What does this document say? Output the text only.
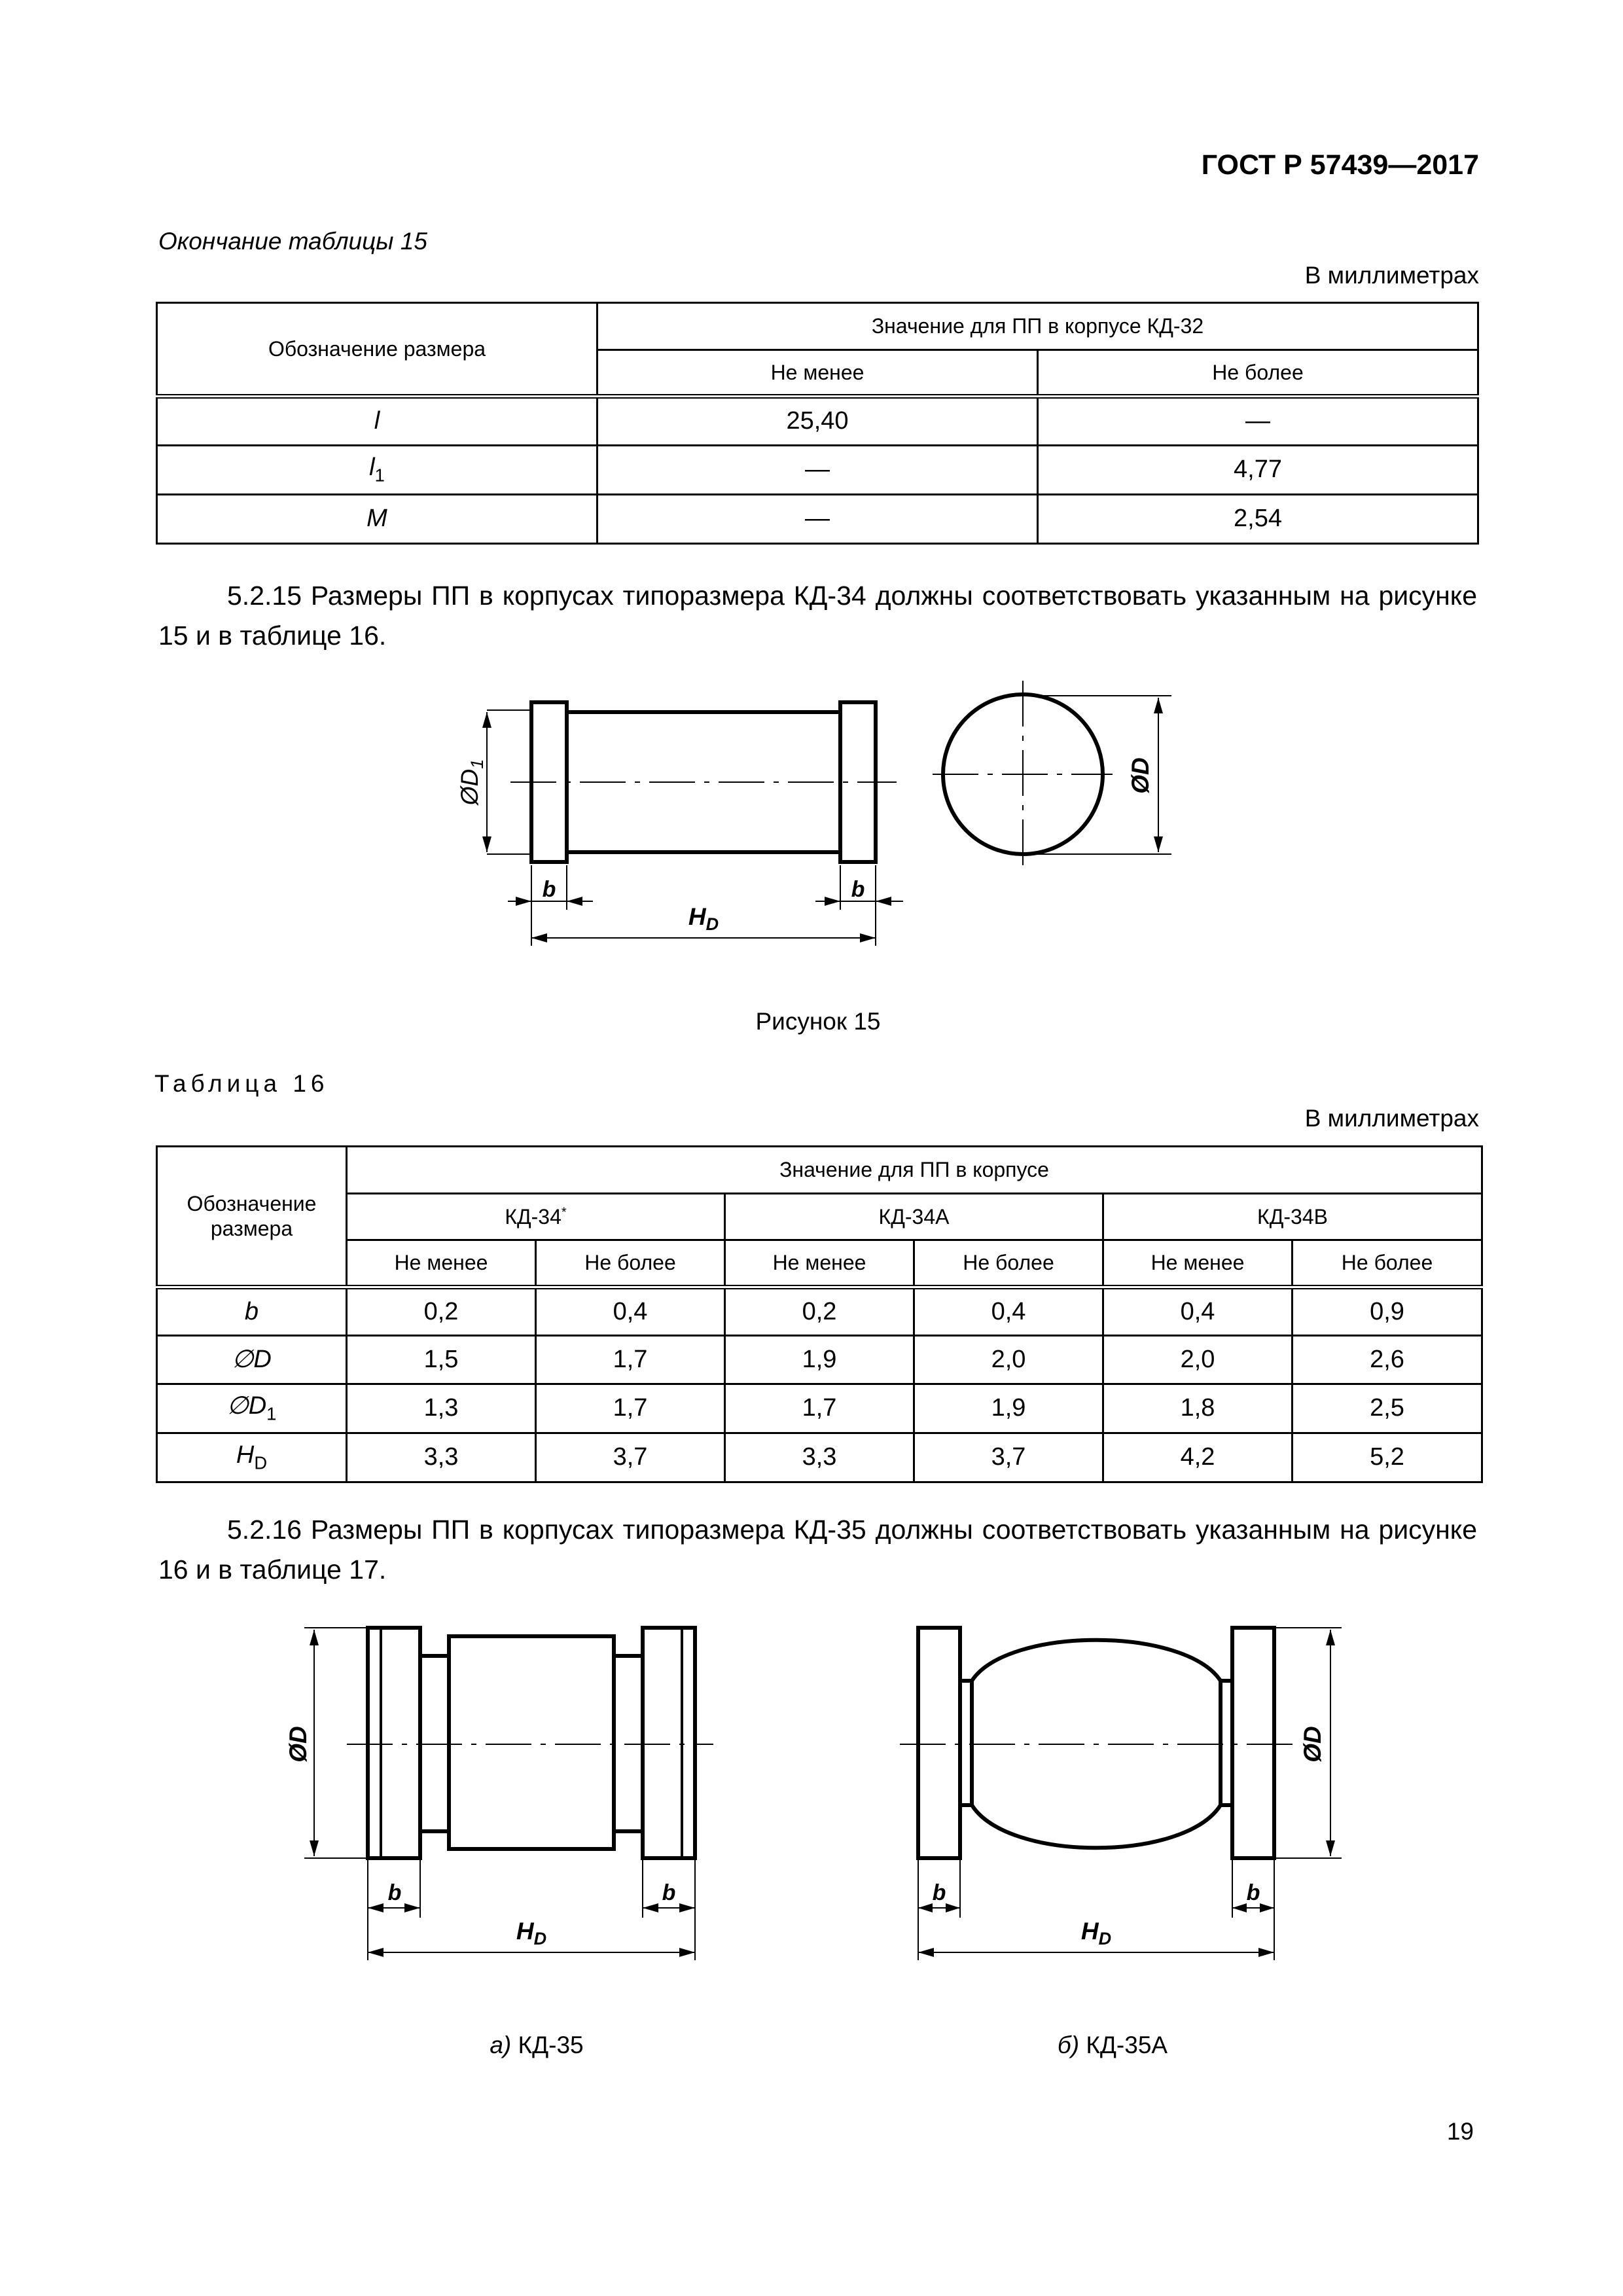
ГОСТ Р 57439—2017
Окончание таблицы 15
В миллиметрах
Обозначение размера	Значение для ПП в корпусе КД-32	
	Не менее	Не более
l	25,40	—
$l_1$	—	4,77
M	—	2,54
5.2.15 Размеры ПП в корпусах типоразмера КД-34 должны соответствовать указанным на рисунке 15 и в таблице 16.
$ØD_1$
b	b
$H_D$
ØD
Рисунок 15
Таблица 16
В миллиметрах
Обозначение размера	Значение для ПП в корпусе					
	КД-34*		КД-34А		КД-34В	
	Не менее	Не более	Не менее	Не более	Не менее	Не более
b	0,2	0,4	0,2	0,4	0,4	0,9
∅D	1,5	1,7	1,9	2,0	2,0	2,6
$\emptyset D_1$	1,3	1,7	1,7	1,9	1,8	2,5
$H_D$	3,3	3,7	3,3	3,7	4,2	5,2
5.2.16 Размеры ПП в корпусах типоразмера КД-35 должны соответствовать указанным на рисунке 16 и в таблице 17.
ØD
b	b
$H_D$
ØD
b	b
$H_D$
а) КД-35	б) КД-35А
19
